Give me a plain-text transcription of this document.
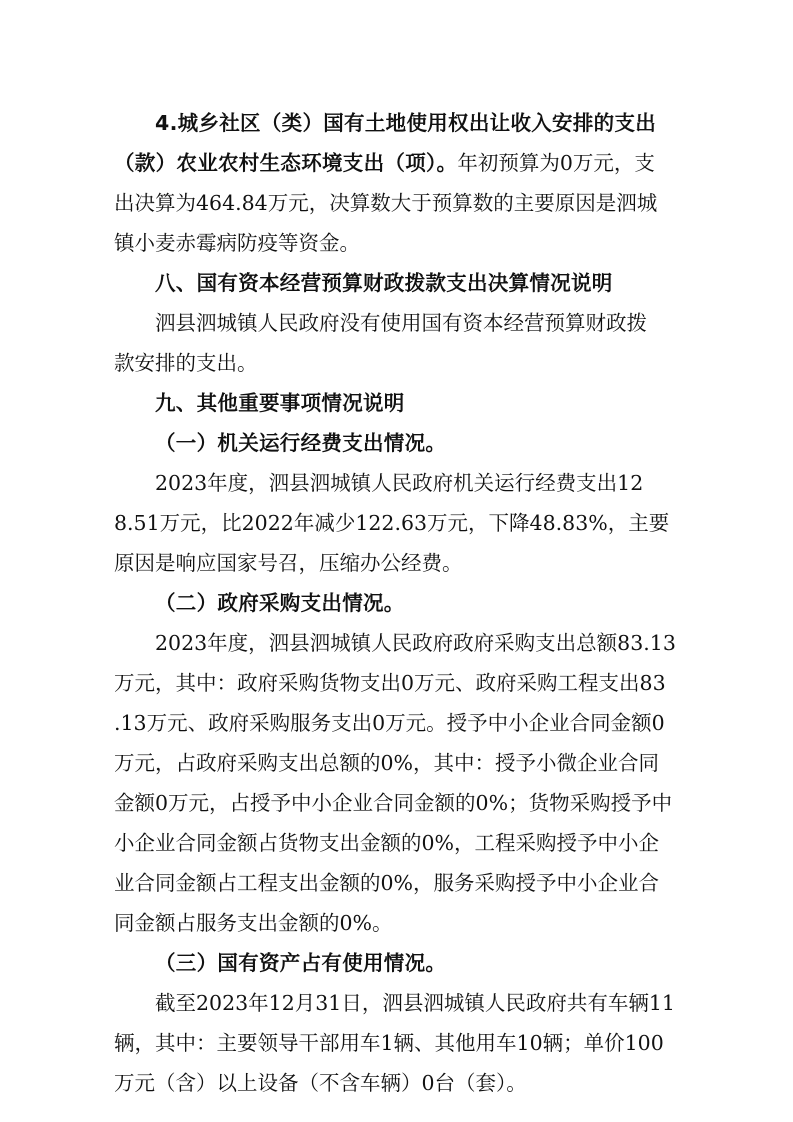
4.城乡社区（类）国有土地使用权出让收入安排的支出
（款）农业农村生态环境支出（项）。年初预算为0万元，支
出决算为464.84万元，决算数大于预算数的主要原因是泗城
镇小麦赤霉病防疫等资金。
八、国有资本经营预算财政拨款支出决算情况说明
泗县泗城镇人民政府没有使用国有资本经营预算财政拨
款安排的支出。
九、其他重要事项情况说明
（一）机关运行经费支出情况。
2023年度，泗县泗城镇人民政府机关运行经费支出12
8.51万元，比2022年减少122.63万元，下降48.83%，主要
原因是响应国家号召，压缩办公经费。
（二）政府采购支出情况。
2023年度，泗县泗城镇人民政府政府采购支出总额83.13
万元，其中：政府采购货物支出0万元、政府采购工程支出83
.13万元、政府采购服务支出0万元。授予中小企业合同金额0
万元，占政府采购支出总额的0%，其中：授予小微企业合同
金额0万元，占授予中小企业合同金额的0%；货物采购授予中
小企业合同金额占货物支出金额的0%，工程采购授予中小企
业合同金额占工程支出金额的0%，服务采购授予中小企业合
同金额占服务支出金额的0%。
（三）国有资产占有使用情况。
截至2023年12月31日，泗县泗城镇人民政府共有车辆11
辆，其中：主要领导干部用车1辆、其他用车10辆；单价100
万元（含）以上设备（不含车辆）0台（套）。
